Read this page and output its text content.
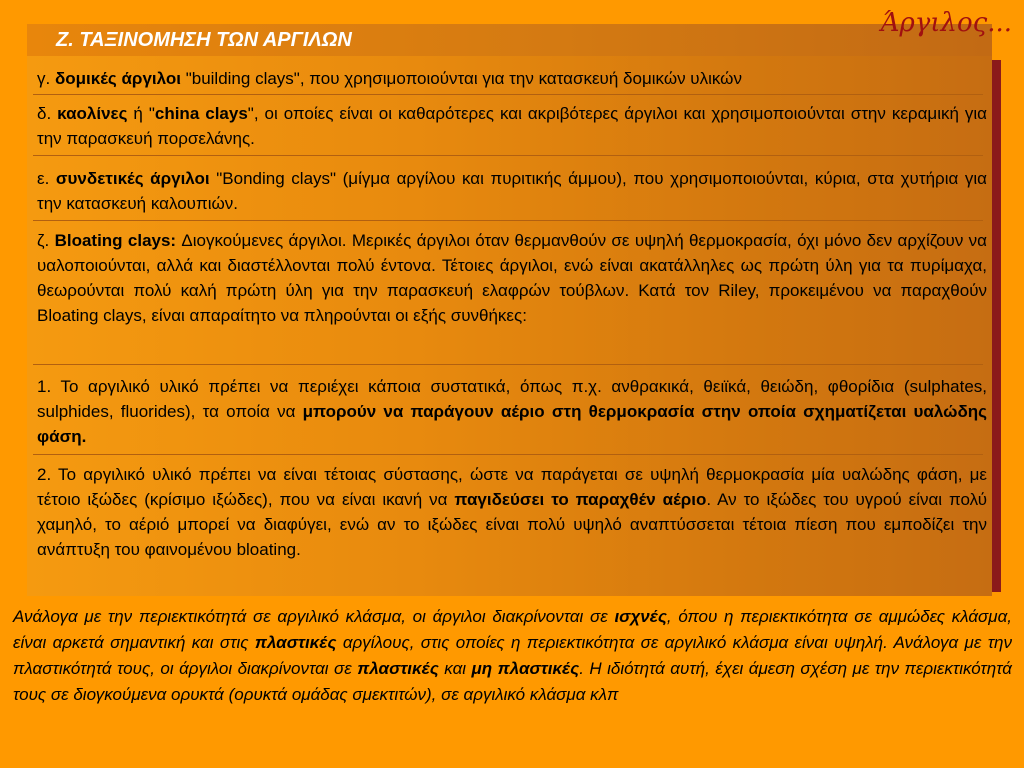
Ζ. ΤΑΞΙΝΟΜΗΣΗ ΤΩΝ ΑΡΓΙΛΩΝ
Άργιλος...

γ. δομικές άργιλοι "building clays", που χρησιμοποιούνται για την κατασκευή δομικών υλικών

δ. καολίνες ή "china clays", οι οποίες είναι οι καθαρότερες και ακριβότερες άργιλοι και χρησιμοποιούνται στην κεραμική για την παρασκευή πορσελάνης.

ε. συνδετικές άργιλοι "Bonding clays" (μίγμα αργίλου και πυριτικής άμμου), που χρησιμοποιούνται, κύρια, στα χυτήρια για την κατασκευή καλουπιών.

ζ. Bloating clays: Διογκούμενες άργιλοι. Μερικές άργιλοι όταν θερμανθούν σε υψηλή θερμοκρασία, όχι μόνο δεν αρχίζουν να υαλοποιούνται, αλλά και διαστέλλονται πολύ έντονα. Τέτοιες άργιλοι, ενώ είναι ακατάλληλες ως πρώτη ύλη για τα πυρίμαχα, θεωρούνται πολύ καλή πρώτη ύλη για την παρασκευή ελαφρών τούβλων. Κατά τον Riley, προκειμένου να παραχθούν Bloating clays, είναι απαραίτητο να πληρούνται οι εξής συνθήκες:

1. Το αργιλικό υλικό πρέπει να περιέχει κάποια συστατικά, όπως π.χ. ανθρακικά, θειϊκά, θειώδη, φθορίδια (sulphates, sulphides, fluorides), τα οποία να μπορούν να παράγουν αέριο στη θερμοκρασία στην οποία σχηματίζεται υαλώδης φάση.

2. Το αργιλικό υλικό πρέπει να είναι τέτοιας σύστασης, ώστε να παράγεται σε υψηλή θερμοκρασία μία υαλώδης φάση, με τέτοιο ιξώδες (κρίσιμο ιξώδες), που να είναι ικανή να παγιδεύσει το παραχθέν αέριο. Αν το ιξώδες του υγρού είναι πολύ χαμηλό, το αέριό μπορεί να διαφύγει, ενώ αν το ιξώδες είναι πολύ υψηλό αναπτύσσεται τέτοια πίεση που εμποδίζει την ανάπτυξη του φαινομένου bloating.

Ανάλογα με την περιεκτικότητά σε αργιλικό κλάσμα, οι άργιλοι διακρίνονται σε ισχνές, όπου η περιεκτικότητα σε αμμώδες κλάσμα, είναι αρκετά σημαντική και στις πλαστικές αργίλους, στις οποίες η περιεκτικότητα σε αργιλικό κλάσμα είναι υψηλή. Ανάλογα με την πλαστικότητά τους, οι άργιλοι διακρίνονται σε πλαστικές και μη πλαστικές. Η ιδιότητά αυτή, έχει άμεση σχέση με την περιεκτικότητά τους σε διογκούμενα ορυκτά (ορυκτά ομάδας σμεκτιτών), σε αργιλικό κλάσμα κλπ
